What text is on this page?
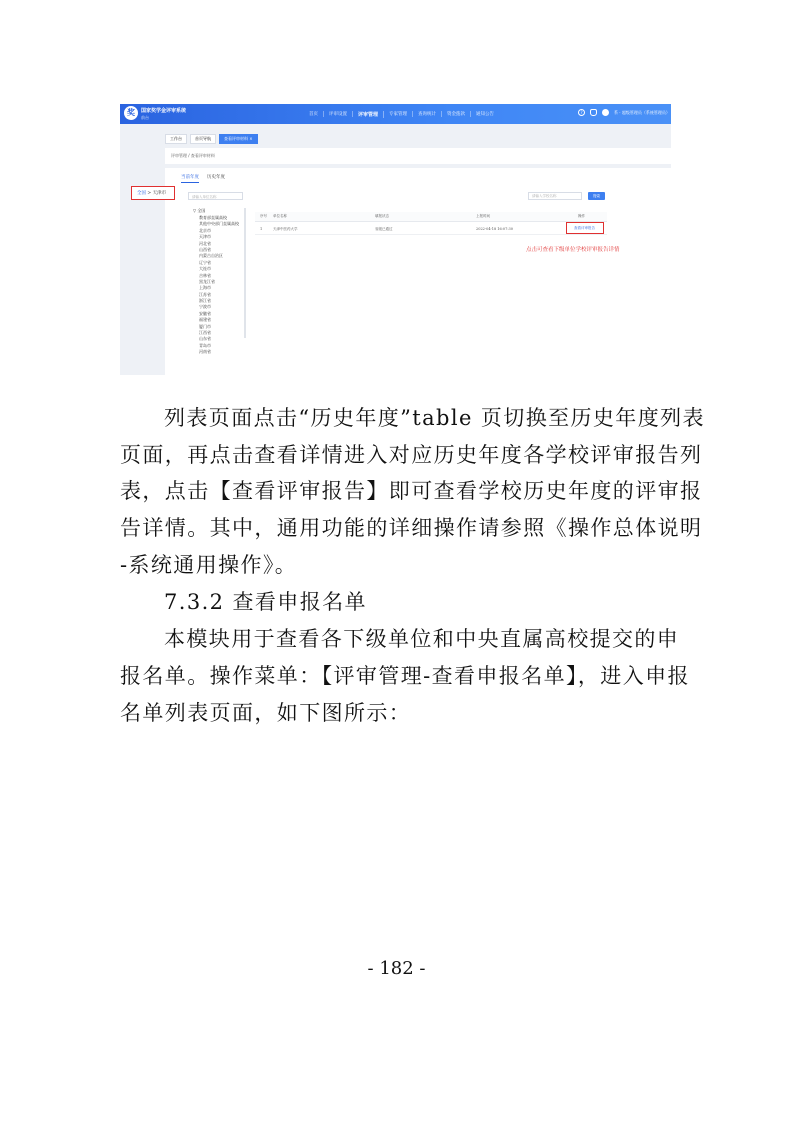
奖	国家奖学金评审系统
前台
首页	评审设置	评审管理	专家管理	查询统计	资金拨款	通知公告	?	系 · 超级管理员（系统管理员） ⌄
工作台	首页导航	查看评审材料 ×
评审管理 / 查看评审材料
当前年度 历史年度
请输入单位名称
▽ 全国
教育部直属高校
其他中央部门直属高校
北京市
天津市
河北省
山西省
内蒙古自治区
辽宁省
大连市
吉林省
黑龙江省
上海市
江苏省
浙江省
宁波市
安徽省
福建省
厦门市
江西省
山东省
青岛市
河南省
全国 > 天津市	请输入学校名称	搜索
序号 单位名称	填报状态	上报时间	操作
1	天津中医药大学	省级已通过	2022-04-18 16:07:30	查看评审报告
点击可查看下级单位学校评审报告详情
列表页面点击“历史年度”table 页切换至历史年度列表
页面，再点击查看详情进入对应历史年度各学校评审报告列
表，点击【查看评审报告】即可查看学校历史年度的评审报
告详情。其中，通用功能的详细操作请参照《操作总体说明
-系统通用操作》。
7.3.2 查看申报名单
本模块用于查看各下级单位和中央直属高校提交的申
报名单。操作菜单：【评审管理-查看申报名单】，进入申报
名单列表页面，如下图所示：
- 182 -
